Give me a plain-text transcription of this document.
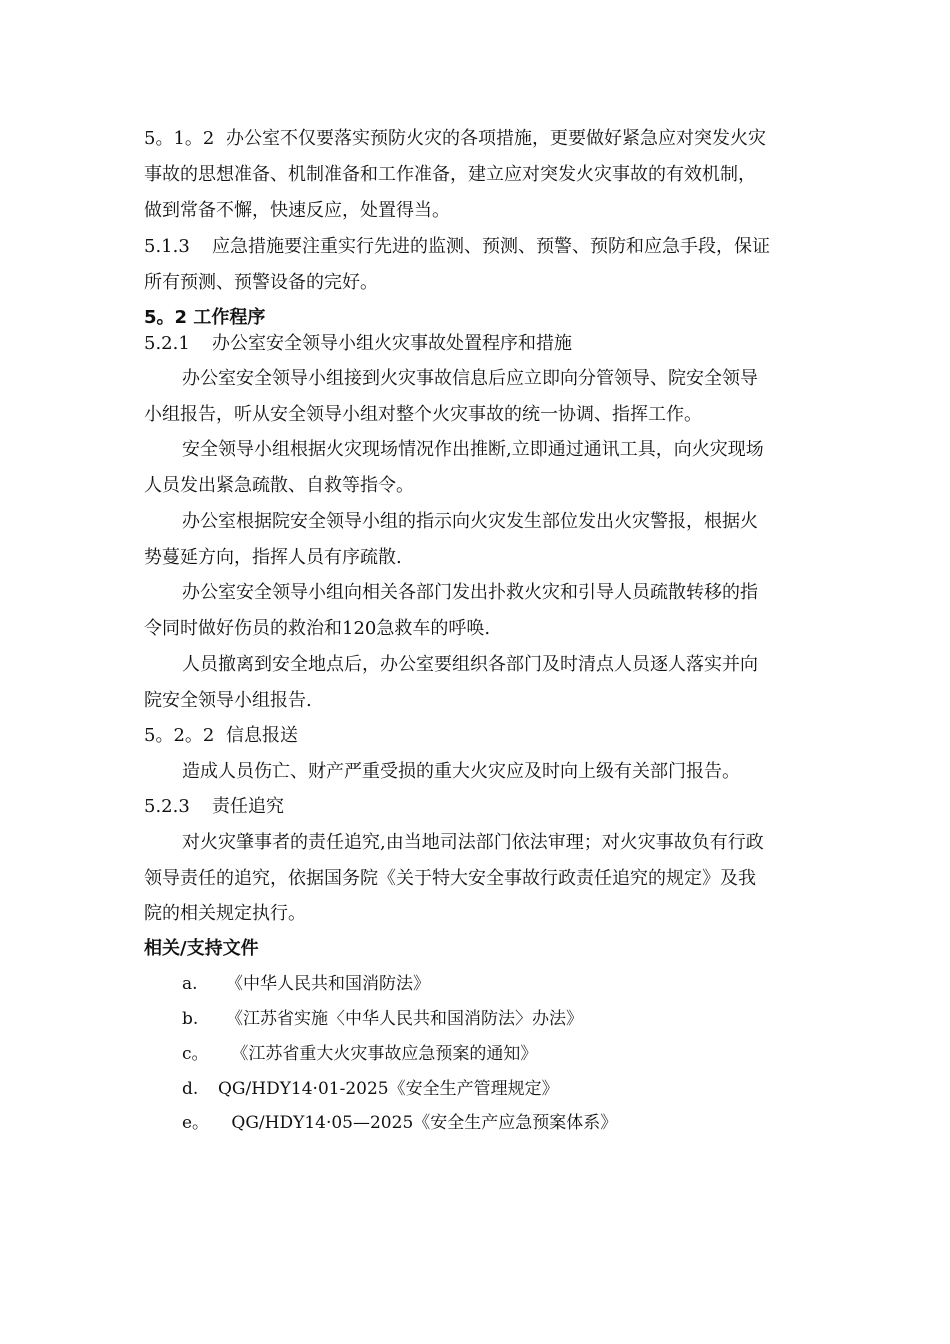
5。1。2 办公室不仅要落实预防火灾的各项措施，更要做好紧急应对突发火灾
事故的思想准备、机制准备和工作准备，建立应对突发火灾事故的有效机制，
做到常备不懈，快速反应，处置得当。
5.1.3 应急措施要注重实行先进的监测、预测、预警、预防和应急手段，保证
所有预测、预警设备的完好。
5。2 工作程序
5.2.1 办公室安全领导小组火灾事故处置程序和措施
办公室安全领导小组接到火灾事故信息后应立即向分管领导、院安全领导
小组报告，听从安全领导小组对整个火灾事故的统一协调、指挥工作。
安全领导小组根据火灾现场情况作出推断,立即通过通讯工具，向火灾现场
人员发出紧急疏散、自救等指令。
办公室根据院安全领导小组的指示向火灾发生部位发出火灾警报，根据火
势蔓延方向，指挥人员有序疏散.
办公室安全领导小组向相关各部门发出扑救火灾和引导人员疏散转移的指
令同时做好伤员的救治和120急救车的呼唤.
人员撤离到安全地点后，办公室要组织各部门及时清点人员逐人落实并向
院安全领导小组报告.
5。2。2 信息报送
造成人员伤亡、财产严重受损的重大火灾应及时向上级有关部门报告。
5.2.3 责任追究
对火灾肇事者的责任追究,由当地司法部门依法审理；对火灾事故负有行政
领导责任的追究，依据国务院《关于特大安全事故行政责任追究的规定》及我
院的相关规定执行。
相关/支持文件
a. 《中华人民共和国消防法》
b. 《江苏省实施〈中华人民共和国消防法〉办法》
c。 《江苏省重大火灾事故应急预案的通知》
d. QG/HDY14·01-2025《安全生产管理规定》
e。 QG/HDY14·05—2025《安全生产应急预案体系》
